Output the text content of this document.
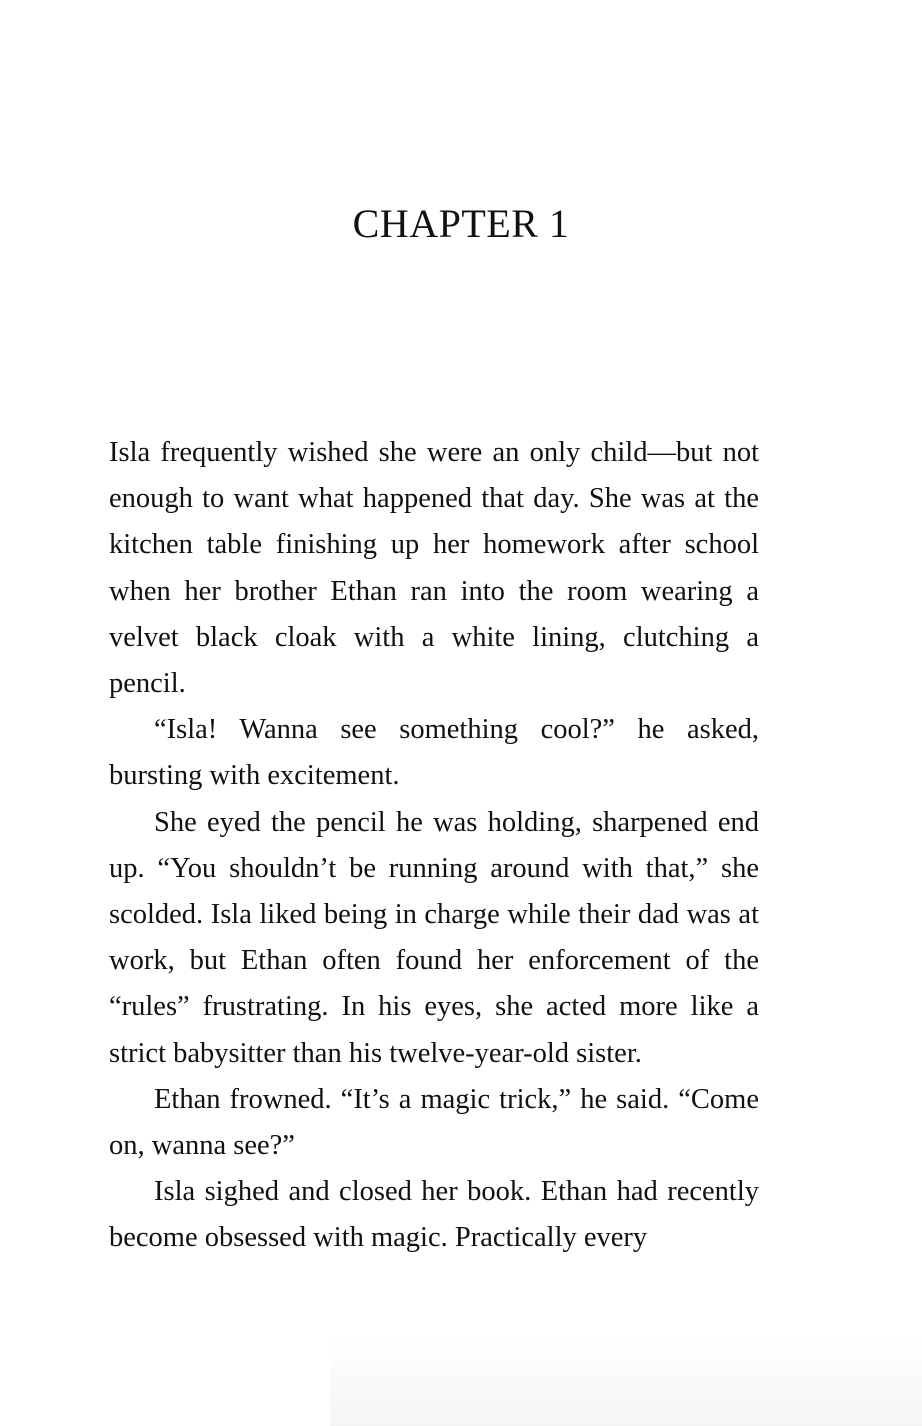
CHAPTER 1

Isla frequently wished she were an only child—but not enough to want what happened that day. She was at the kitchen table finishing up her homework after school when her brother Ethan ran into the room wearing a velvet black cloak with a white lining, clutching a pencil.

“Isla! Wanna see something cool?” he asked, bursting with excitement.

She eyed the pencil he was holding, sharpened end up. “You shouldn’t be running around with that,” she scolded. Isla liked being in charge while their dad was at work, but Ethan often found her enforcement of the “rules” frustrating. In his eyes, she acted more like a strict babysitter than his twelve-year-old sister.

Ethan frowned. “It’s a magic trick,” he said. “Come on, wanna see?”

Isla sighed and closed her book. Ethan had recently become obsessed with magic. Practically every
